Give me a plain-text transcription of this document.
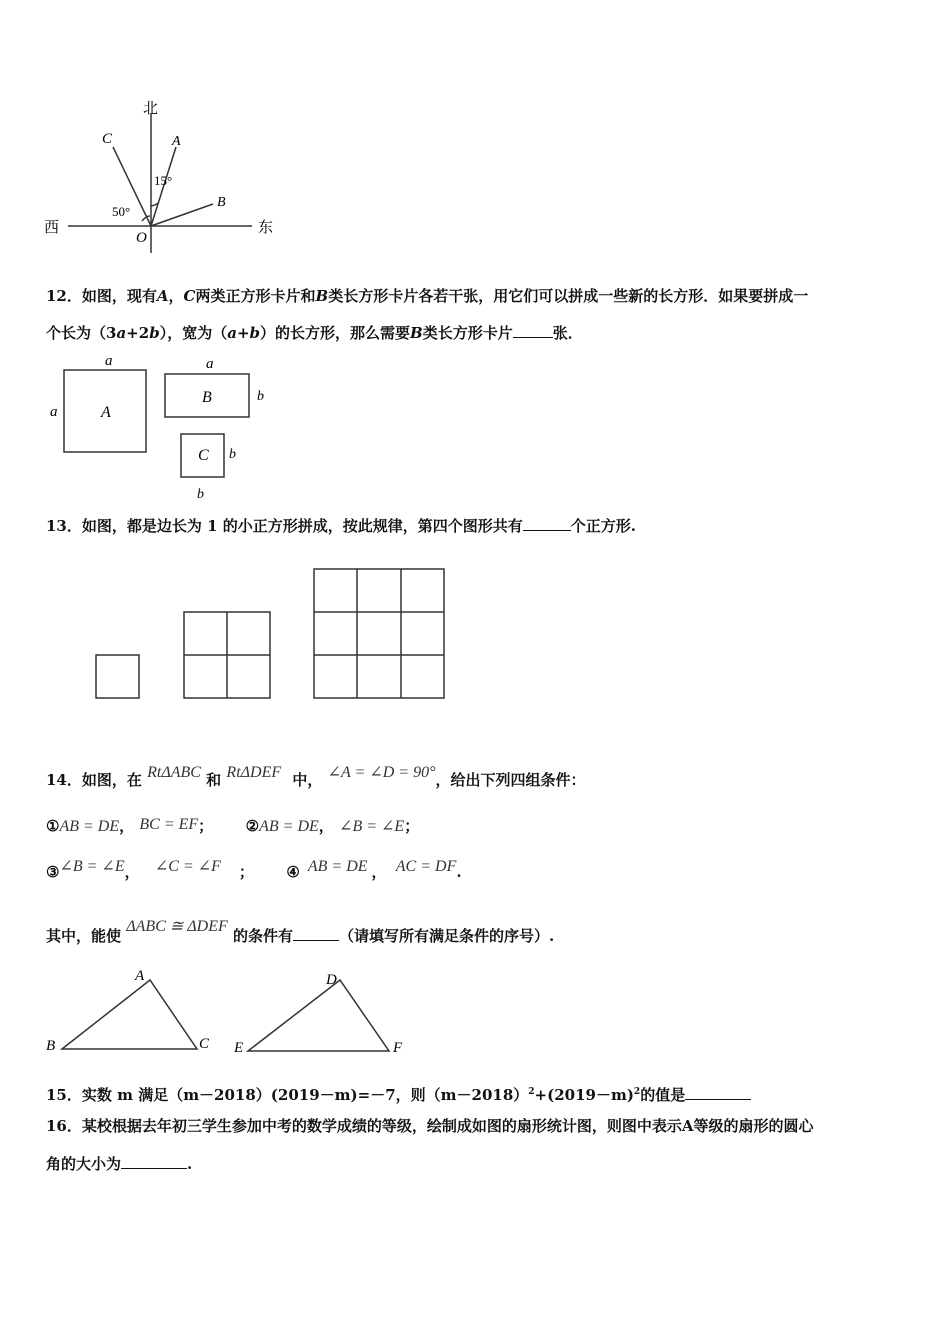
北
西	东
C	A
B
O
50°
15°
12．如图，现有A，C两类正方形卡片和B类长方形卡片各若干张，用它们可以拼成一些新的长方形．如果要拼成一
个长为（3a+2b），宽为（a+b）的长方形，那么需要B类长方形卡片	张．
a
a	A
a
B	b
C b
b
13．如图，都是边长为 1 的小正方形拼成，按此规律，第四个图形共有	个正方形.
14．如图，在 RtΔABC 和 RtΔDEF 中， ∠A = ∠D = 90°，给出下列四组条件：
①AB = DE， BC = EF； ②AB = DE， ∠B = ∠E；
③∠B = ∠E， ∠C = ∠F ； ④ AB = DE ， AC = DF.
其中，能使 ΔABC ≅ ΔDEF 的条件有	（请填写所有满足条件的序号）.
A
B	C
D
E	F
15．实数 m 满足（m－2018）(2019－m)=－7，则$(m-2018)^2+(2019-m)^2$的值是
16．某校根据去年初三学生参加中考的数学成绩的等级，绘制成如图的扇形统计图，则图中表示A等级的扇形的圆心
角的大小为	.
